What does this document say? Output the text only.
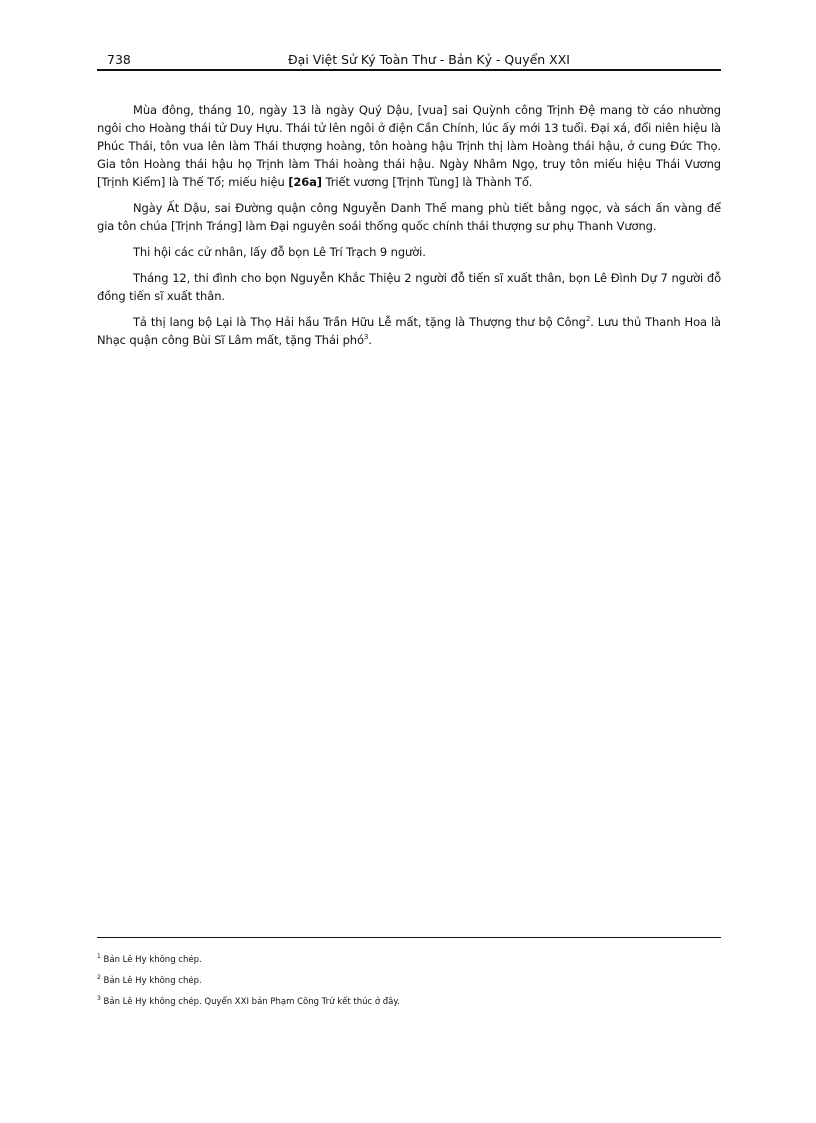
738	Đại Việt Sử Ký Toàn Thư - Bản Kỷ - Quyển XXI

Mùa đông, tháng 10, ngày 13 là ngày Quý Dậu, [vua] sai Quỳnh công Trịnh Đệ mang tờ cáo nhường ngôi cho Hoàng thái tử Duy Hựu. Thái tử lên ngôi ở điện Cần Chính, lúc ấy mới 13 tuổi. Đại xá, đổi niên hiệu là Phúc Thái, tôn vua lên làm Thái thượng hoàng, tôn hoàng hậu Trịnh thị làm Hoàng thái hậu, ở cung Đức Thọ. Gia tôn Hoàng thái hậu họ Trịnh làm Thái hoàng thái hậu. Ngày Nhâm Ngọ, truy tôn miếu hiệu Thái Vương [Trịnh Kiểm] là Thế Tổ; miếu hiệu [26a] Triết vương [Trịnh Tùng] là Thành Tổ.

Ngày Ất Dậu, sai Đường quận công Nguyễn Danh Thế mang phù tiết bằng ngọc, và sách ấn vàng để gia tôn chúa [Trịnh Tráng] làm Đại nguyên soái thống quốc chính thái thượng sư phụ Thanh Vương.

Thi hội các cử nhân, lấy đỗ bọn Lê Trí Trạch 9 người.

Tháng 12, thi đình cho bọn Nguyễn Khắc Thiệu 2 người đỗ tiến sĩ xuất thân, bọn Lê Đình Dự 7 người đỗ đồng tiến sĩ xuất thân.

Tả thị lang bộ Lại là Thọ Hải hầu Trần Hữu Lễ mất, tặng là Thượng thư bộ Công$^2$. Lưu thủ Thanh Hoa là Nhạc quận công Bùi Sĩ Lâm mất, tặng Thái phó$^3$.

$^1$ Bản Lê Hy không chép.

$^2$ Bản Lê Hy không chép.

$^3$ Bản Lê Hy không chép. Quyển XXI bản Phạm Công Trứ kết thúc ở đây.
